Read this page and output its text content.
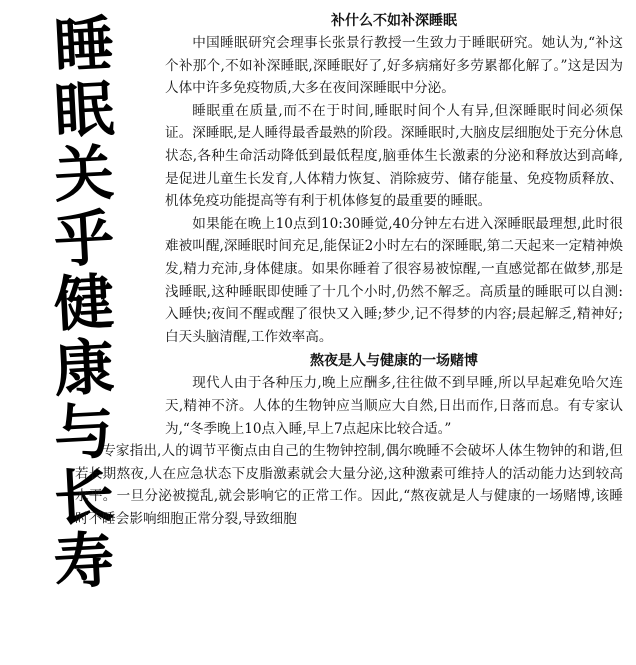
睡
眠
关
乎
健
康
与
长
寿
补什么不如补深睡眠

中国睡眠研究会理事长张景行教授一生致力于睡眠研究。她认为,“补这个补那个,不如补深睡眠,深睡眠好了,好多病痛好多劳累都化解了。”这是因为人体中许多免疫物质,大多在夜间深睡眠中分泌。

睡眠重在质量,而不在于时间,睡眠时间个人有异,但深睡眠时间必须保证。深睡眠,是人睡得最香最熟的阶段。深睡眠时,大脑皮层细胞处于充分休息状态,各种生命活动降低到最低程度,脑垂体生长激素的分泌和释放达到高峰,是促进儿童生长发育,人体精力恢复、消除疲劳、储存能量、免疫物质释放、机体免疫功能提高等有利于机体修复的最重要的睡眠。

如果能在晚上10点到10:30睡觉,40分钟左右进入深睡眠最理想,此时很难被叫醒,深睡眠时间充足,能保证2小时左右的深睡眠,第二天起来一定精神焕发,精力充沛,身体健康。如果你睡着了很容易被惊醒,一直感觉都在做梦,那是浅睡眠,这种睡眠即使睡了十几个小时,仍然不解乏。高质量的睡眠可以自测:入睡快;夜间不醒或醒了很快又入睡;梦少,记不得梦的内容;晨起解乏,精神好;白天头脑清醒,工作效率高。

熬夜是人与健康的一场赌博

现代人由于各种压力,晚上应酬多,往往做不到早睡,所以早起难免哈欠连天,精神不济。人体的生物钟应当顺应大自然,日出而作,日落而息。有专家认为,“冬季晚上10点入睡,早上7点起床比较合适。”

专家指出,人的调节平衡点由自己的生物钟控制,偶尔晚睡不会破坏人体生物钟的和谐,但若长期熬夜,人在应急状态下皮脂激素就会大量分泌,这种激素可维持人的活动能力达到较高水平。一旦分泌被搅乱,就会影响它的正常工作。因此,“熬夜就是人与健康的一场赌博,该睡时不睡会影响细胞正常分裂,导致细胞
